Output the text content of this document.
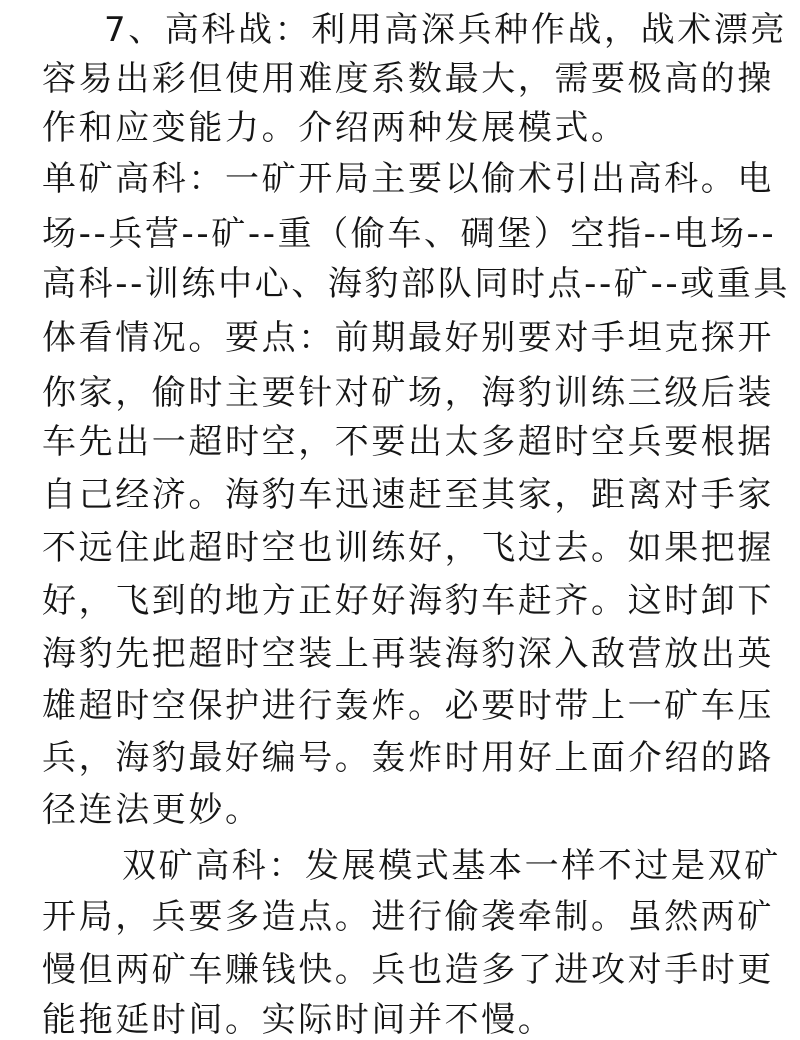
7、高科战：利用高深兵种作战，战术漂亮
容易出彩但使用难度系数最大，需要极高的操
作和应变能力。介绍两种发展模式。
单矿高科：一矿开局主要以偷术引出高科。电
场--兵营--矿--重（偷车、碉堡）空指--电场--
高科--训练中心、海豹部队同时点--矿--或重具
体看情况。要点：前期最好别要对手坦克探开
你家，偷时主要针对矿场，海豹训练三级后装
车先出一超时空，不要出太多超时空兵要根据
自己经济。海豹车迅速赶至其家，距离对手家
不远住此超时空也训练好，飞过去。如果把握
好，飞到的地方正好好海豹车赶齐。这时卸下
海豹先把超时空装上再装海豹深入敌营放出英
雄超时空保护进行轰炸。必要时带上一矿车压
兵，海豹最好编号。轰炸时用好上面介绍的路
径连法更妙。
双矿高科：发展模式基本一样不过是双矿
开局，兵要多造点。进行偷袭牵制。虽然两矿
慢但两矿车赚钱快。兵也造多了进攻对手时更
能拖延时间。实际时间并不慢。
